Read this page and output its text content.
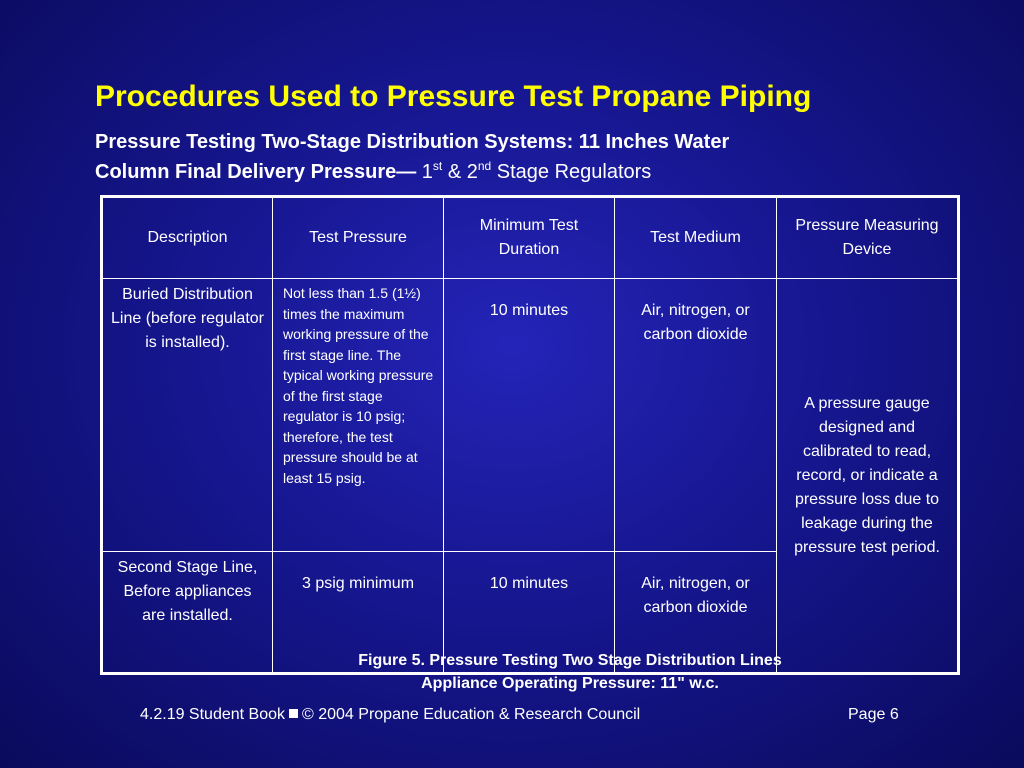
Procedures Used to Pressure Test Propane Piping
Pressure Testing Two-Stage Distribution Systems: 11 Inches Water
Column Final Delivery Pressure— 1st & 2nd Stage Regulators
Description	Test Pressure	Minimum Test Duration	Test Medium	Pressure Measuring Device
Buried Distribution Line (before regulator is installed).	Not less than 1.5 (1½) times the maximum working pressure of the first stage line. The typical working pressure of the first stage regulator is 10 psig; therefore, the test pressure should be at least 15 psig.	10 minutes	Air, nitrogen, or carbon dioxide	A pressure gauge designed and calibrated to read, record, or indicate a pressure loss due to leakage during the pressure test period.
Second Stage Line, Before appliances are installed.	3 psig minimum	10 minutes	Air, nitrogen, or carbon dioxide	
Figure 5. Pressure Testing Two Stage Distribution Lines
Appliance Operating Pressure: 11" w.c.
4.2.19 Student Book © 2004 Propane Education & Research Council	Page 6
